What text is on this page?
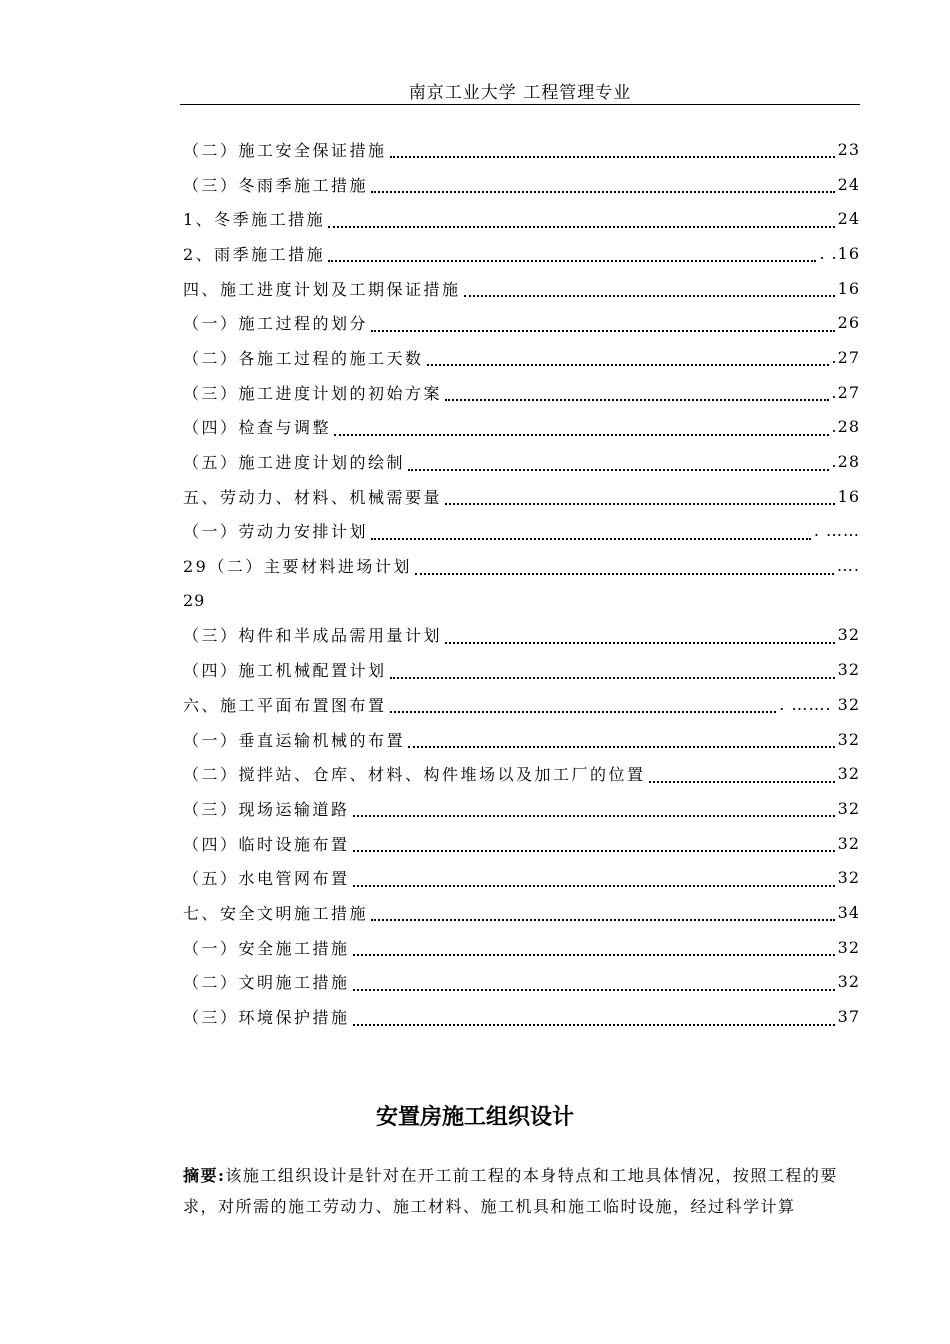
南京工业大学 工程管理专业
（二）施工安全保证措施	23
（三）冬雨季施工措施	24
1、冬季施工措施	24
2、雨季施工措施	. .16
四、施工进度计划及工期保证措施	16
（一）施工过程的划分	26
（二）各施工过程的施工天数	.27
（三）施工进度计划的初始方案	.27
（四）检查与调整	.28
（五）施工进度计划的绘制	.28
五、劳动力、材料、机械需要量	16
（一）劳动力安排计划	. ……
29（二）主要材料进场计划	….
29
（三）构件和半成品需用量计划	32
（四）施工机械配置计划	32
六、施工平面布置图布置	. ……. 32
（一）垂直运输机械的布置	32
（二）搅拌站、仓库、材料、构件堆场以及加工厂的位置	32
（三）现场运输道路	32
（四）临时设施布置	32
（五）水电管网布置	32
七、安全文明施工措施	34
（一）安全施工措施	32
（二）文明施工措施	32
（三）环境保护措施	37
安置房施工组织设计
摘要:该施工组织设计是针对在开工前工程的本身特点和工地具体情况，按照工程的要求，对所需的施工劳动力、施工材料、施工机具和施工临时设施，经过科学计算
